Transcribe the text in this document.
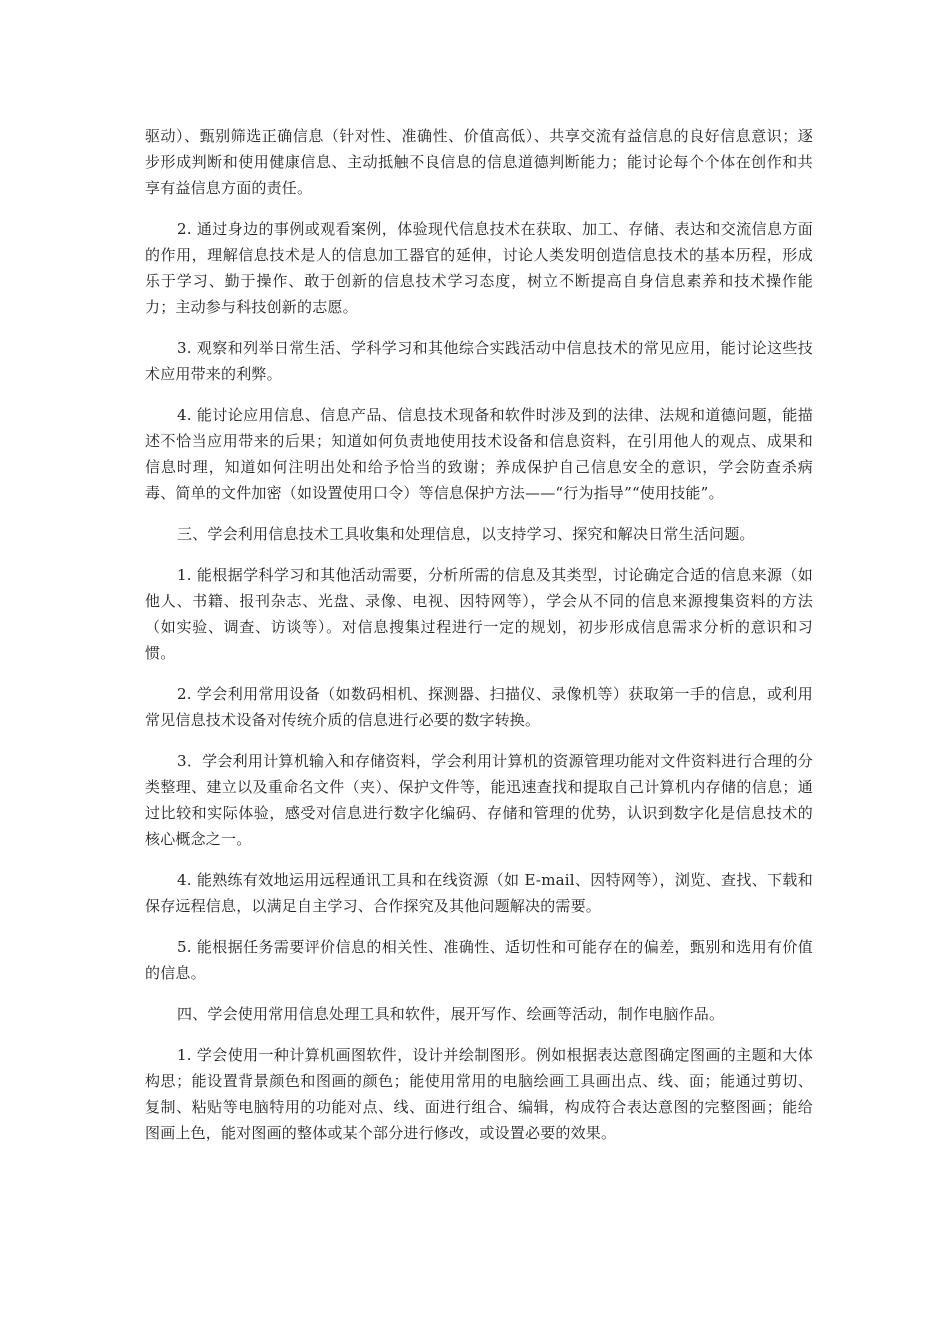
驱动）、甄别筛选正确信息（针对性、准确性、价值高低）、共享交流有益信息的良好信息意识；逐步形成判断和使用健康信息、主动抵触不良信息的信息道德判断能力；能讨论每个个体在创作和共享有益信息方面的责任。

2. 通过身边的事例或观看案例，体验现代信息技术在获取、加工、存储、表达和交流信息方面的作用，理解信息技术是人的信息加工器官的延伸，讨论人类发明创造信息技术的基本历程，形成乐于学习、勤于操作、敢于创新的信息技术学习态度，树立不断提高自身信息素养和技术操作能力；主动参与科技创新的志愿。

3. 观察和列举日常生活、学科学习和其他综合实践活动中信息技术的常见应用，能讨论这些技术应用带来的利弊。

4. 能讨论应用信息、信息产品、信息技术现备和软件时涉及到的法律、法规和道德问题，能描述不恰当应用带来的后果；知道如何负责地使用技术设备和信息资料，在引用他人的观点、成果和信息时理，知道如何注明出处和给予恰当的致谢；养成保护自己信息安全的意识，学会防查杀病毒、简单的文件加密（如设置使用口令）等信息保护方法——“行为指导”“使用技能”。

三、学会利用信息技术工具收集和处理信息，以支持学习、探究和解决日常生活问题。

1. 能根据学科学习和其他活动需要，分析所需的信息及其类型，讨论确定合适的信息来源（如他人、书籍、报刊杂志、光盘、录像、电视、因特网等），学会从不同的信息来源搜集资料的方法（如实验、调查、访谈等）。对信息搜集过程进行一定的规划，初步形成信息需求分析的意识和习惯。

2. 学会利用常用设备（如数码相机、探测器、扫描仪、录像机等）获取第一手的信息，或利用常见信息技术设备对传统介质的信息进行必要的数字转换。

3．学会利用计算机输入和存储资料，学会利用计算机的资源管理功能对文件资料进行合理的分类整理、建立以及重命名文件（夹）、保护文件等，能迅速查找和提取自己计算机内存储的信息；通过比较和实际体验，感受对信息进行数字化编码、存储和管理的优势，认识到数字化是信息技术的核心概念之一。

4. 能熟练有效地运用远程通讯工具和在线资源（如 E-mail、因特网等），浏览、查找、下载和保存远程信息，以满足自主学习、合作探究及其他问题解决的需要。

5. 能根据任务需要评价信息的相关性、准确性、适切性和可能存在的偏差，甄别和选用有价值的信息。

四、学会使用常用信息处理工具和软件，展开写作、绘画等活动，制作电脑作品。

1. 学会使用一种计算机画图软件，设计并绘制图形。例如根据表达意图确定图画的主题和大体构思；能设置背景颜色和图画的颜色；能使用常用的电脑绘画工具画出点、线、面；能通过剪切、复制、粘贴等电脑特用的功能对点、线、面进行组合、编辑，构成符合表达意图的完整图画；能给图画上色，能对图画的整体或某个部分进行修改，或设置必要的效果。
